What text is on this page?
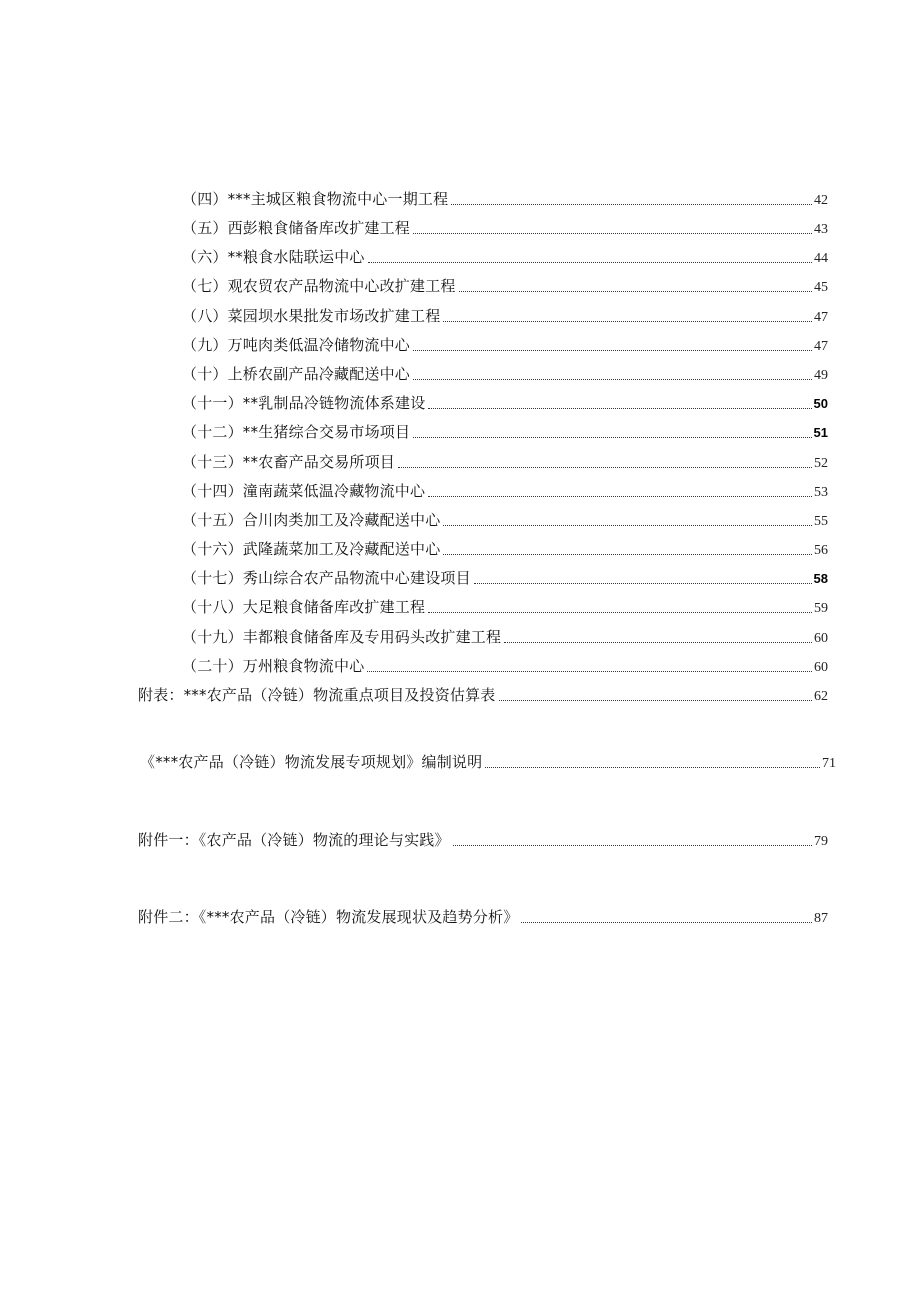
（四）***主城区粮食物流中心一期工程	42
（五）西彭粮食储备库改扩建工程	43
（六）**粮食水陆联运中心	44
（七）观农贸农产品物流中心改扩建工程	45
（八）菜园坝水果批发市场改扩建工程	47
（九）万吨肉类低温冷储物流中心	47
（十）上桥农副产品冷藏配送中心	49
（十一）**乳制品冷链物流体系建设	50
（十二）**生猪综合交易市场项目	51
（十三）**农畜产品交易所项目	52
（十四）潼南蔬菜低温冷藏物流中心	53
（十五）合川肉类加工及冷藏配送中心	55
（十六）武隆蔬菜加工及冷藏配送中心	56
（十七）秀山综合农产品物流中心建设项目	58
（十八）大足粮食储备库改扩建工程	59
（十九）丰都粮食储备库及专用码头改扩建工程	60
（二十）万州粮食物流中心	60
附表：***农产品（冷链）物流重点项目及投资估算表	62
《***农产品（冷链）物流发展专项规划》编制说明	71
附件一：《农产品（冷链）物流的理论与实践》	79
附件二：《***农产品（冷链）物流发展现状及趋势分析》	87
